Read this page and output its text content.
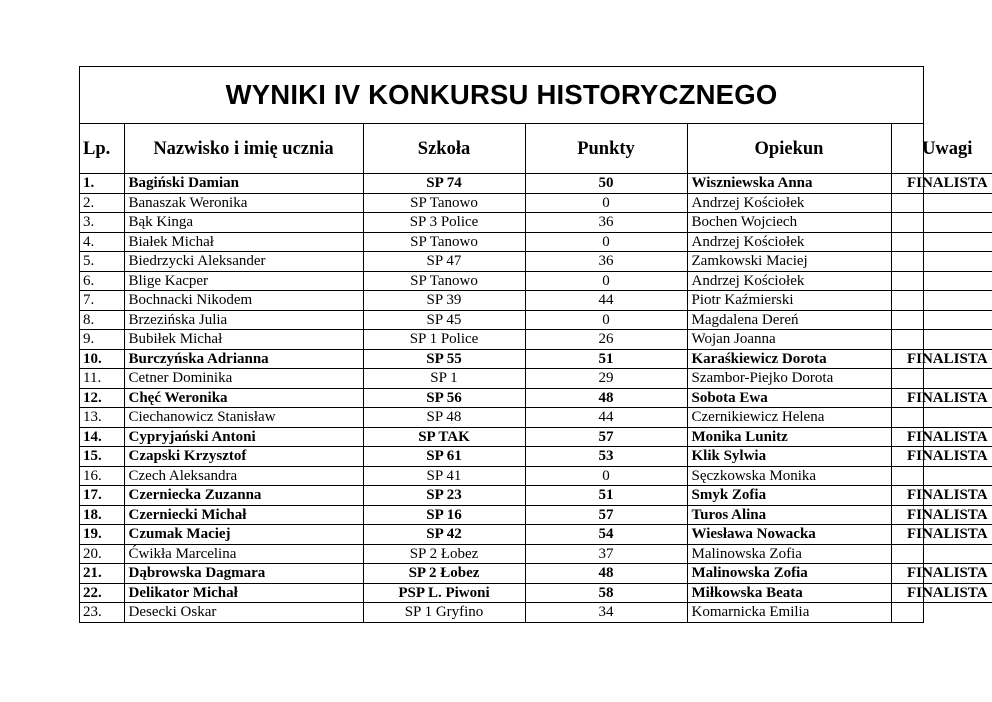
WYNIKI IV KONKURSU HISTORYCZNEGO
Lp.	Nazwisko i imię ucznia	Szkoła	Punkty	Opiekun	Uwagi
1.	Bagiński Damian	SP 74	50	Wiszniewska Anna	FINALISTA
2.	Banaszak Weronika	SP Tanowo	0	Andrzej Kościołek	
3.	Bąk Kinga	SP 3 Police	36	Bochen Wojciech	
4.	Białek Michał	SP Tanowo	0	Andrzej Kościołek	
5.	Biedrzycki Aleksander	SP 47	36	Zamkowski Maciej	
6.	Blige Kacper	SP Tanowo	0	Andrzej Kościołek	
7.	Bochnacki Nikodem	SP 39	44	Piotr Kaźmierski	
8.	Brzezińska Julia	SP 45	0	Magdalena Dereń	
9.	Bubiłek Michał	SP 1 Police	26	Wojan Joanna	
10.	Burczyńska Adrianna	SP 55	51	Karaśkiewicz Dorota	FINALISTA
11.	Cetner Dominika	SP 1	29	Szambor-Piejko Dorota	
12.	Chęć Weronika	SP 56	48	Sobota Ewa	FINALISTA
13.	Ciechanowicz Stanisław	SP 48	44	Czernikiewicz Helena	
14.	Cypryjański Antoni	SP TAK	57	Monika Lunitz	FINALISTA
15.	Czapski Krzysztof	SP 61	53	Klik Sylwia	FINALISTA
16.	Czech Aleksandra	SP 41	0	Sęczkowska Monika	
17.	Czerniecka Zuzanna	SP 23	51	Smyk Zofia	FINALISTA
18.	Czerniecki Michał	SP 16	57	Turos Alina	FINALISTA
19.	Czumak Maciej	SP 42	54	Wiesława Nowacka	FINALISTA
20.	Ćwikła Marcelina	SP 2 Łobez	37	Malinowska Zofia	
21.	Dąbrowska Dagmara	SP 2 Łobez	48	Malinowska Zofia	FINALISTA
22.	Delikator Michał	PSP L. Piwoni	58	Miłkowska Beata	FINALISTA
23.	Desecki Oskar	SP 1 Gryfino	34	Komarnicka Emilia	
